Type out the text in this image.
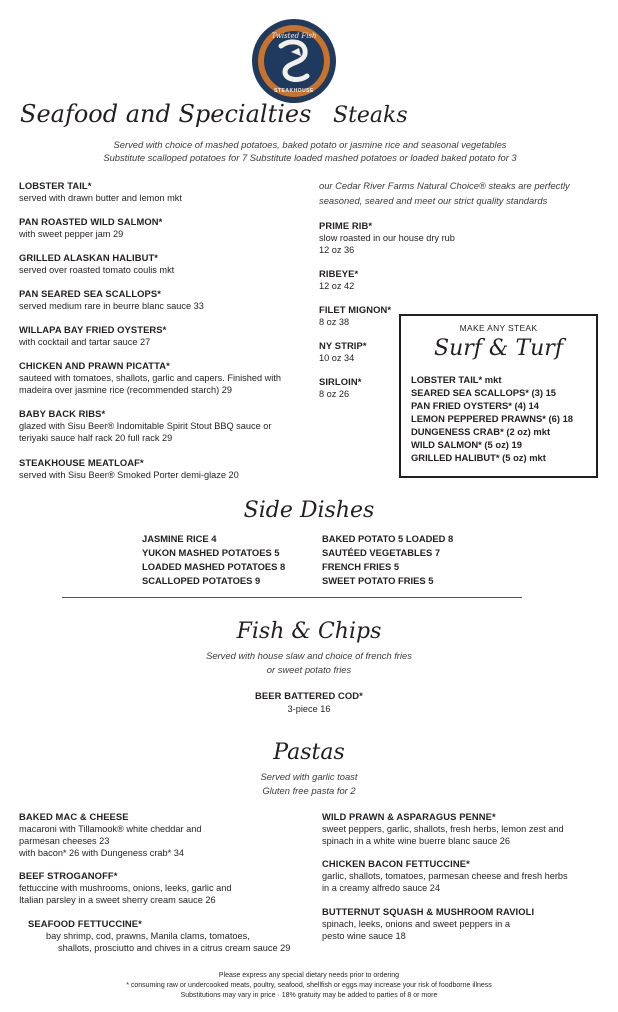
Twisted Fish
STEAKHOUSE
Seafood and Specialties Steaks
Served with choice of mashed potatoes, baked potato or jasmine rice and seasonal vegetables
Substitute scalloped potatoes for 7 Substitute loaded mashed potatoes or loaded baked potato for 3
LOBSTER TAIL*
served with drawn butter and lemon mkt
PAN ROASTED WILD SALMON*
with sweet pepper jam 29
GRILLED ALASKAN HALIBUT*
served over roasted tomato coulis mkt
PAN SEARED SEA SCALLOPS*
served medium rare in beurre blanc sauce 33
WILLAPA BAY FRIED OYSTERS*
with cocktail and tartar sauce 27
CHICKEN AND PRAWN PICATTA*
sauteed with tomatoes, shallots, garlic and capers. Finished with
madeira over jasmine rice (recommended starch) 29
BABY BACK RIBS*
glazed with Sisu Beer® Indomitable Spirit Stout BBQ sauce or
teriyaki sauce half rack 20 full rack 29
STEAKHOUSE MEATLOAF*
served with Sisu Beer® Smoked Porter demi-glaze 20
our Cedar River Farms Natural Choice® steaks are perfectly
seasoned, seared and meet our strict quality standards
PRIME RIB*
slow roasted in our house dry rub
12 oz 36
RIBEYE*
12 oz 42
FILET MIGNON*
8 oz 38
NY STRIP*
10 oz 34
SIRLOIN*
8 oz 26
MAKE ANY STEAK
Surf & Turf
LOBSTER TAIL* mkt
SEARED SEA SCALLOPS* (3) 15
PAN FRIED OYSTERS* (4) 14
LEMON PEPPERED PRAWNS* (6) 18
DUNGENESS CRAB* (2 oz) mkt
WILD SALMON* (5 oz) 19
GRILLED HALIBUT* (5 oz) mkt
Side Dishes
JASMINE RICE 4
YUKON MASHED POTATOES 5
LOADED MASHED POTATOES 8
SCALLOPED POTATOES 9
BAKED POTATO 5 LOADED 8
SAUTÉED VEGETABLES 7
FRENCH FRIES 5
SWEET POTATO FRIES 5
Fish & Chips
Served with house slaw and choice of french fries
or sweet potato fries
BEER BATTERED COD*
3-piece 16
Pastas
Served with garlic toast
Gluten free pasta for 2
BAKED MAC & CHEESE
macaroni with Tillamook® white cheddar and
parmesan cheeses 23
with bacon* 26 with Dungeness crab* 34
BEEF STROGANOFF*
fettuccine with mushrooms, onions, leeks, garlic and
Italian parsley in a sweet sherry cream sauce 26
SEAFOOD FETTUCCINE*
bay shrimp, cod, prawns, Manila clams, tomatoes,
shallots, prosciutto and chives in a citrus cream sauce 29
WILD PRAWN & ASPARAGUS PENNE*
sweet peppers, garlic, shallots, fresh herbs, lemon zest and
spinach in a white wine buerre blanc sauce 26
CHICKEN BACON FETTUCCINE*
garlic, shallots, tomatoes, parmesan cheese and fresh herbs
in a creamy alfredo sauce 24
BUTTERNUT SQUASH & MUSHROOM RAVIOLI
spinach, leeks, onions and sweet peppers in a
pesto wine sauce 18
Please express any special dietary needs prior to ordering
* consuming raw or undercooked meats, poultry, seafood, shellfish or eggs may increase your risk of foodborne illness
Substitutions may vary in price · 18% gratuity may be added to parties of 8 or more
